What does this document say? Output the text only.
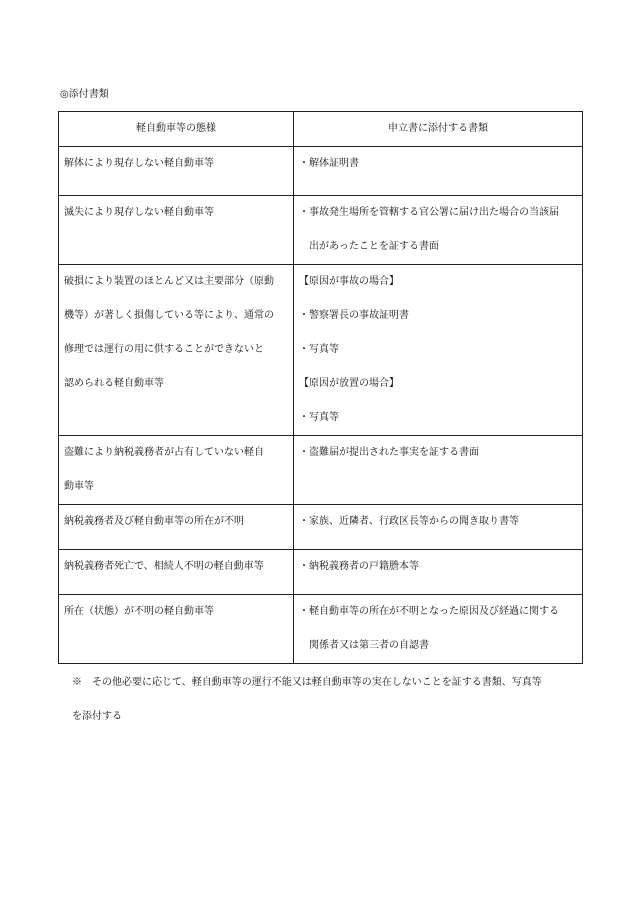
◎添付書類
軽自動車等の態様	申立書に添付する書類

解体により現存しない軽自動車等	・解体証明書

滅失により現存しない軽自動車等	・事故発生場所を管轄する官公署に届け出た場合の当該届
　出があったことを証する書面

破損により装置のほとんど又は主要部分（原動
機等）が著しく損傷している等により、通常の
修理では運行の用に供することができないと
認められる軽自動車等	【原因が事故の場合】
・警察署長の事故証明書
・写真等
【原因が放置の場合】
・写真等

盗難により納税義務者が占有していない軽自
動車等	・盗難届が提出された事実を証する書面

納税義務者及び軽自動車等の所在が不明	・家族、近隣者、行政区長等からの聞き取り書等

納税義務者死亡で、相続人不明の軽自動車等	・納税義務者の戸籍謄本等

所在（状態）が不明の軽自動車等	・軽自動車等の所在が不明となった原因及び経過に関する
　関係者又は第三者の自認書
※　その他必要に応じて、軽自動車等の運行不能又は軽自動車等の実在しないことを証する書類、写真等
を添付する
